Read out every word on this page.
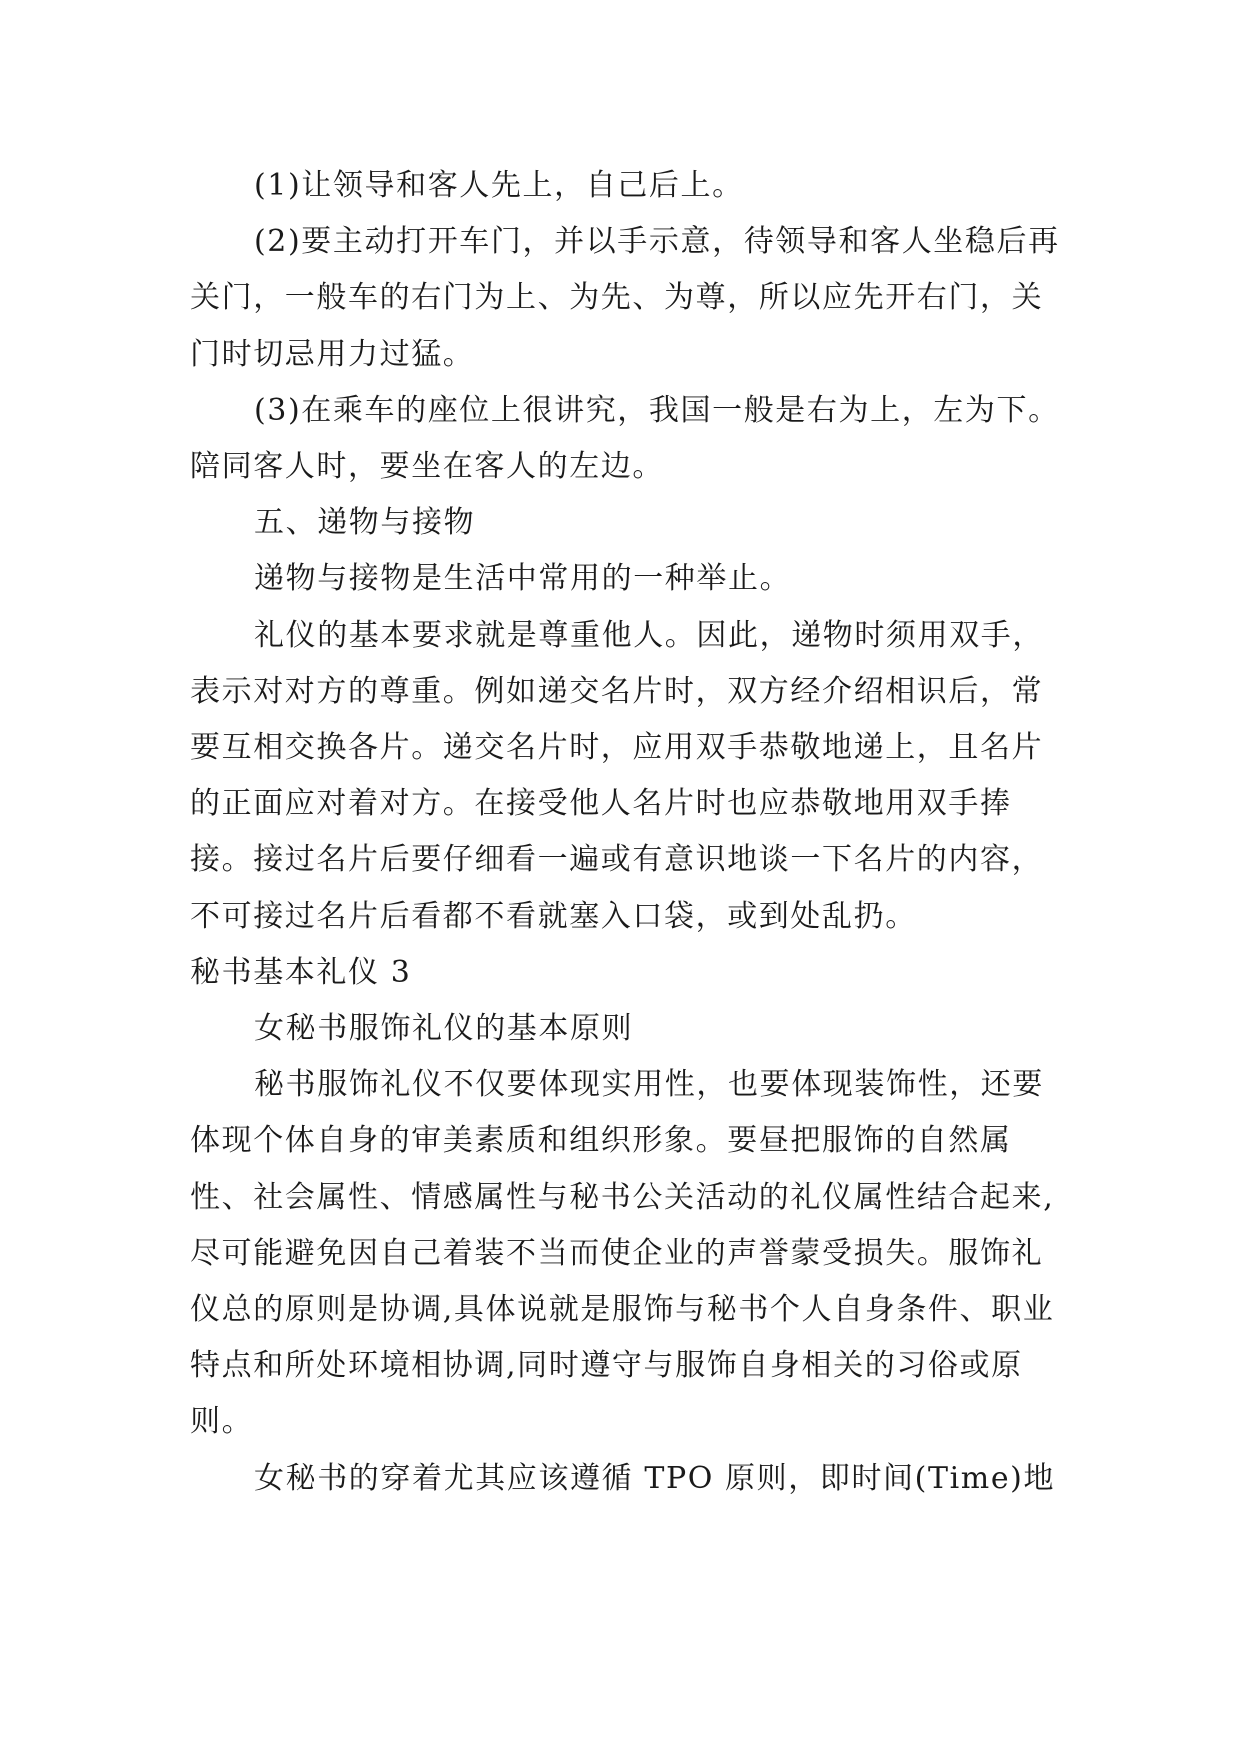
(1)让领导和客人先上，自己后上。

(2)要主动打开车门，并以手示意，待领导和客人坐稳后再关门，一般车的右门为上、为先、为尊，所以应先开右门，关门时切忌用力过猛。

(3)在乘车的座位上很讲究，我国一般是右为上，左为下。陪同客人时，要坐在客人的左边。

五、递物与接物

递物与接物是生活中常用的一种举止。

礼仪的基本要求就是尊重他人。因此，递物时须用双手，表示对对方的尊重。例如递交名片时，双方经介绍相识后，常要互相交换各片。递交名片时，应用双手恭敬地递上，且名片的正面应对着对方。在接受他人名片时也应恭敬地用双手捧接。接过名片后要仔细看一遍或有意识地谈一下名片的内容，不可接过名片后看都不看就塞入口袋，或到处乱扔。

秘书基本礼仪 3

女秘书服饰礼仪的基本原则

秘书服饰礼仪不仅要体现实用性，也要体现装饰性，还要体现个体自身的审美素质和组织形象。要昼把服饰的自然属性、社会属性、情感属性与秘书公关活动的礼仪属性结合起来,尽可能避免因自己着装不当而使企业的声誉蒙受损失。服饰礼仪总的原则是协调,具体说就是服饰与秘书个人自身条件、职业特点和所处环境相协调,同时遵守与服饰自身相关的习俗或原则。

女秘书的穿着尤其应该遵循 TPO 原则，即时间(Time)地
